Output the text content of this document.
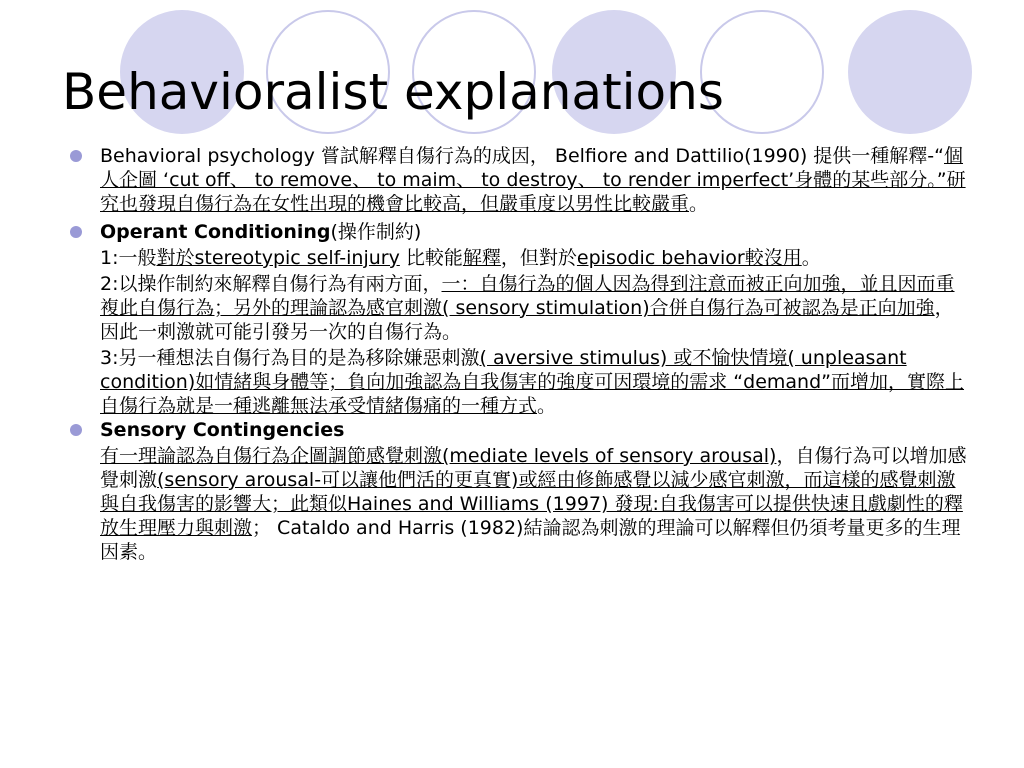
Behavioralist explanations
Behavioral psychology 嘗試解釋自傷行為的成因， Belfiore and Dattilio(1990) 提供一種解釋-“個人企圖 ‘cut off、 to remove、 to maim、 to destroy、 to render imperfect’身體的某些部分。”研究也發現自傷行為在女性出現的機會比較高，但嚴重度以男性比較嚴重。
Operant Conditioning(操作制約)
1:一般對於stereotypic self-injury 比較能解釋，但對於episodic behavior較沒用。
2:以操作制約來解釋自傷行為有兩方面，一：自傷行為的個人因為得到注意而被正向加強，並且因而重複此自傷行為；另外的理論認為感官刺激( sensory stimulation)合併自傷行為可被認為是正向加強，因此一刺激就可能引發另一次的自傷行為。
3:另一種想法自傷行為目的是為移除嫌惡刺激( aversive stimulus) 或不愉快情境( unpleasant condition)如情緒與身體等；負向加強認為自我傷害的強度可因環境的需求 “demand”而增加，實際上自傷行為就是一種逃離無法承受情緒傷痛的一種方式。
Sensory Contingencies
有一理論認為自傷行為企圖調節感覺刺激(mediate levels of sensory arousal)，自傷行為可以增加感覺刺激(sensory arousal-可以讓他們活的更真實)或經由修飾感覺以減少感官刺激，而這樣的感覺刺激與自我傷害的影響大；此類似Haines and Williams (1997) 發現:自我傷害可以提供快速且戲劇性的釋放生理壓力與刺激； Cataldo and Harris (1982)結論認為刺激的理論可以解釋但仍須考量更多的生理因素。
